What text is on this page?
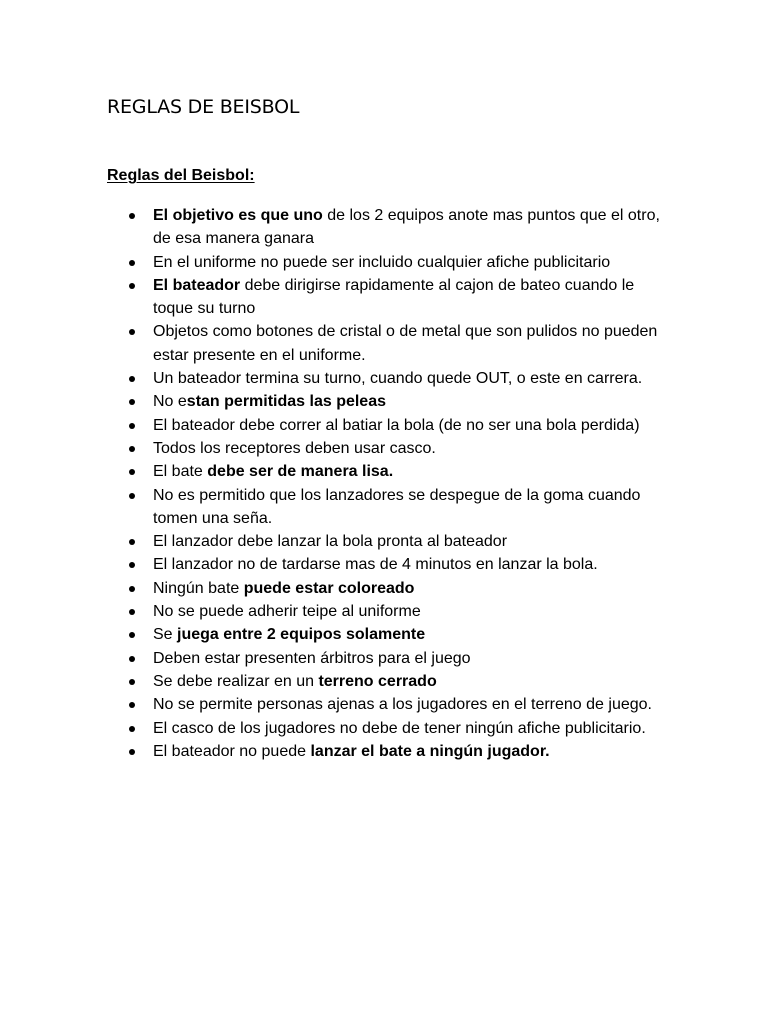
REGLAS DE BEISBOL
Reglas del Beisbol:
El objetivo es que uno de los 2 equipos anote mas puntos que el otro, de esa manera ganara
En el uniforme no puede ser incluido cualquier afiche publicitario
El bateador debe dirigirse rapidamente al cajon de bateo cuando le toque su turno
Objetos como botones de cristal o de metal que son pulidos no pueden estar presente en el uniforme.
Un bateador termina su turno, cuando quede OUT, o este en carrera.
No estan permitidas las peleas
El bateador debe correr al batiar la bola (de no ser una bola perdida)
Todos los receptores deben usar casco.
El bate debe ser de manera lisa.
No es permitido que los lanzadores se despegue de la goma cuando tomen una seña.
El lanzador debe lanzar la bola pronta al bateador
El lanzador no de tardarse mas de 4 minutos en lanzar la bola.
Ningún bate puede estar coloreado
No se puede adherir teipe al uniforme
Se juega entre 2 equipos solamente
Deben estar presenten árbitros para el juego
Se debe realizar en un terreno cerrado
No se permite personas ajenas a los jugadores en el terreno de juego.
El casco de los jugadores no debe de tener ningún afiche publicitario.
El bateador no puede lanzar el bate a ningún jugador.
